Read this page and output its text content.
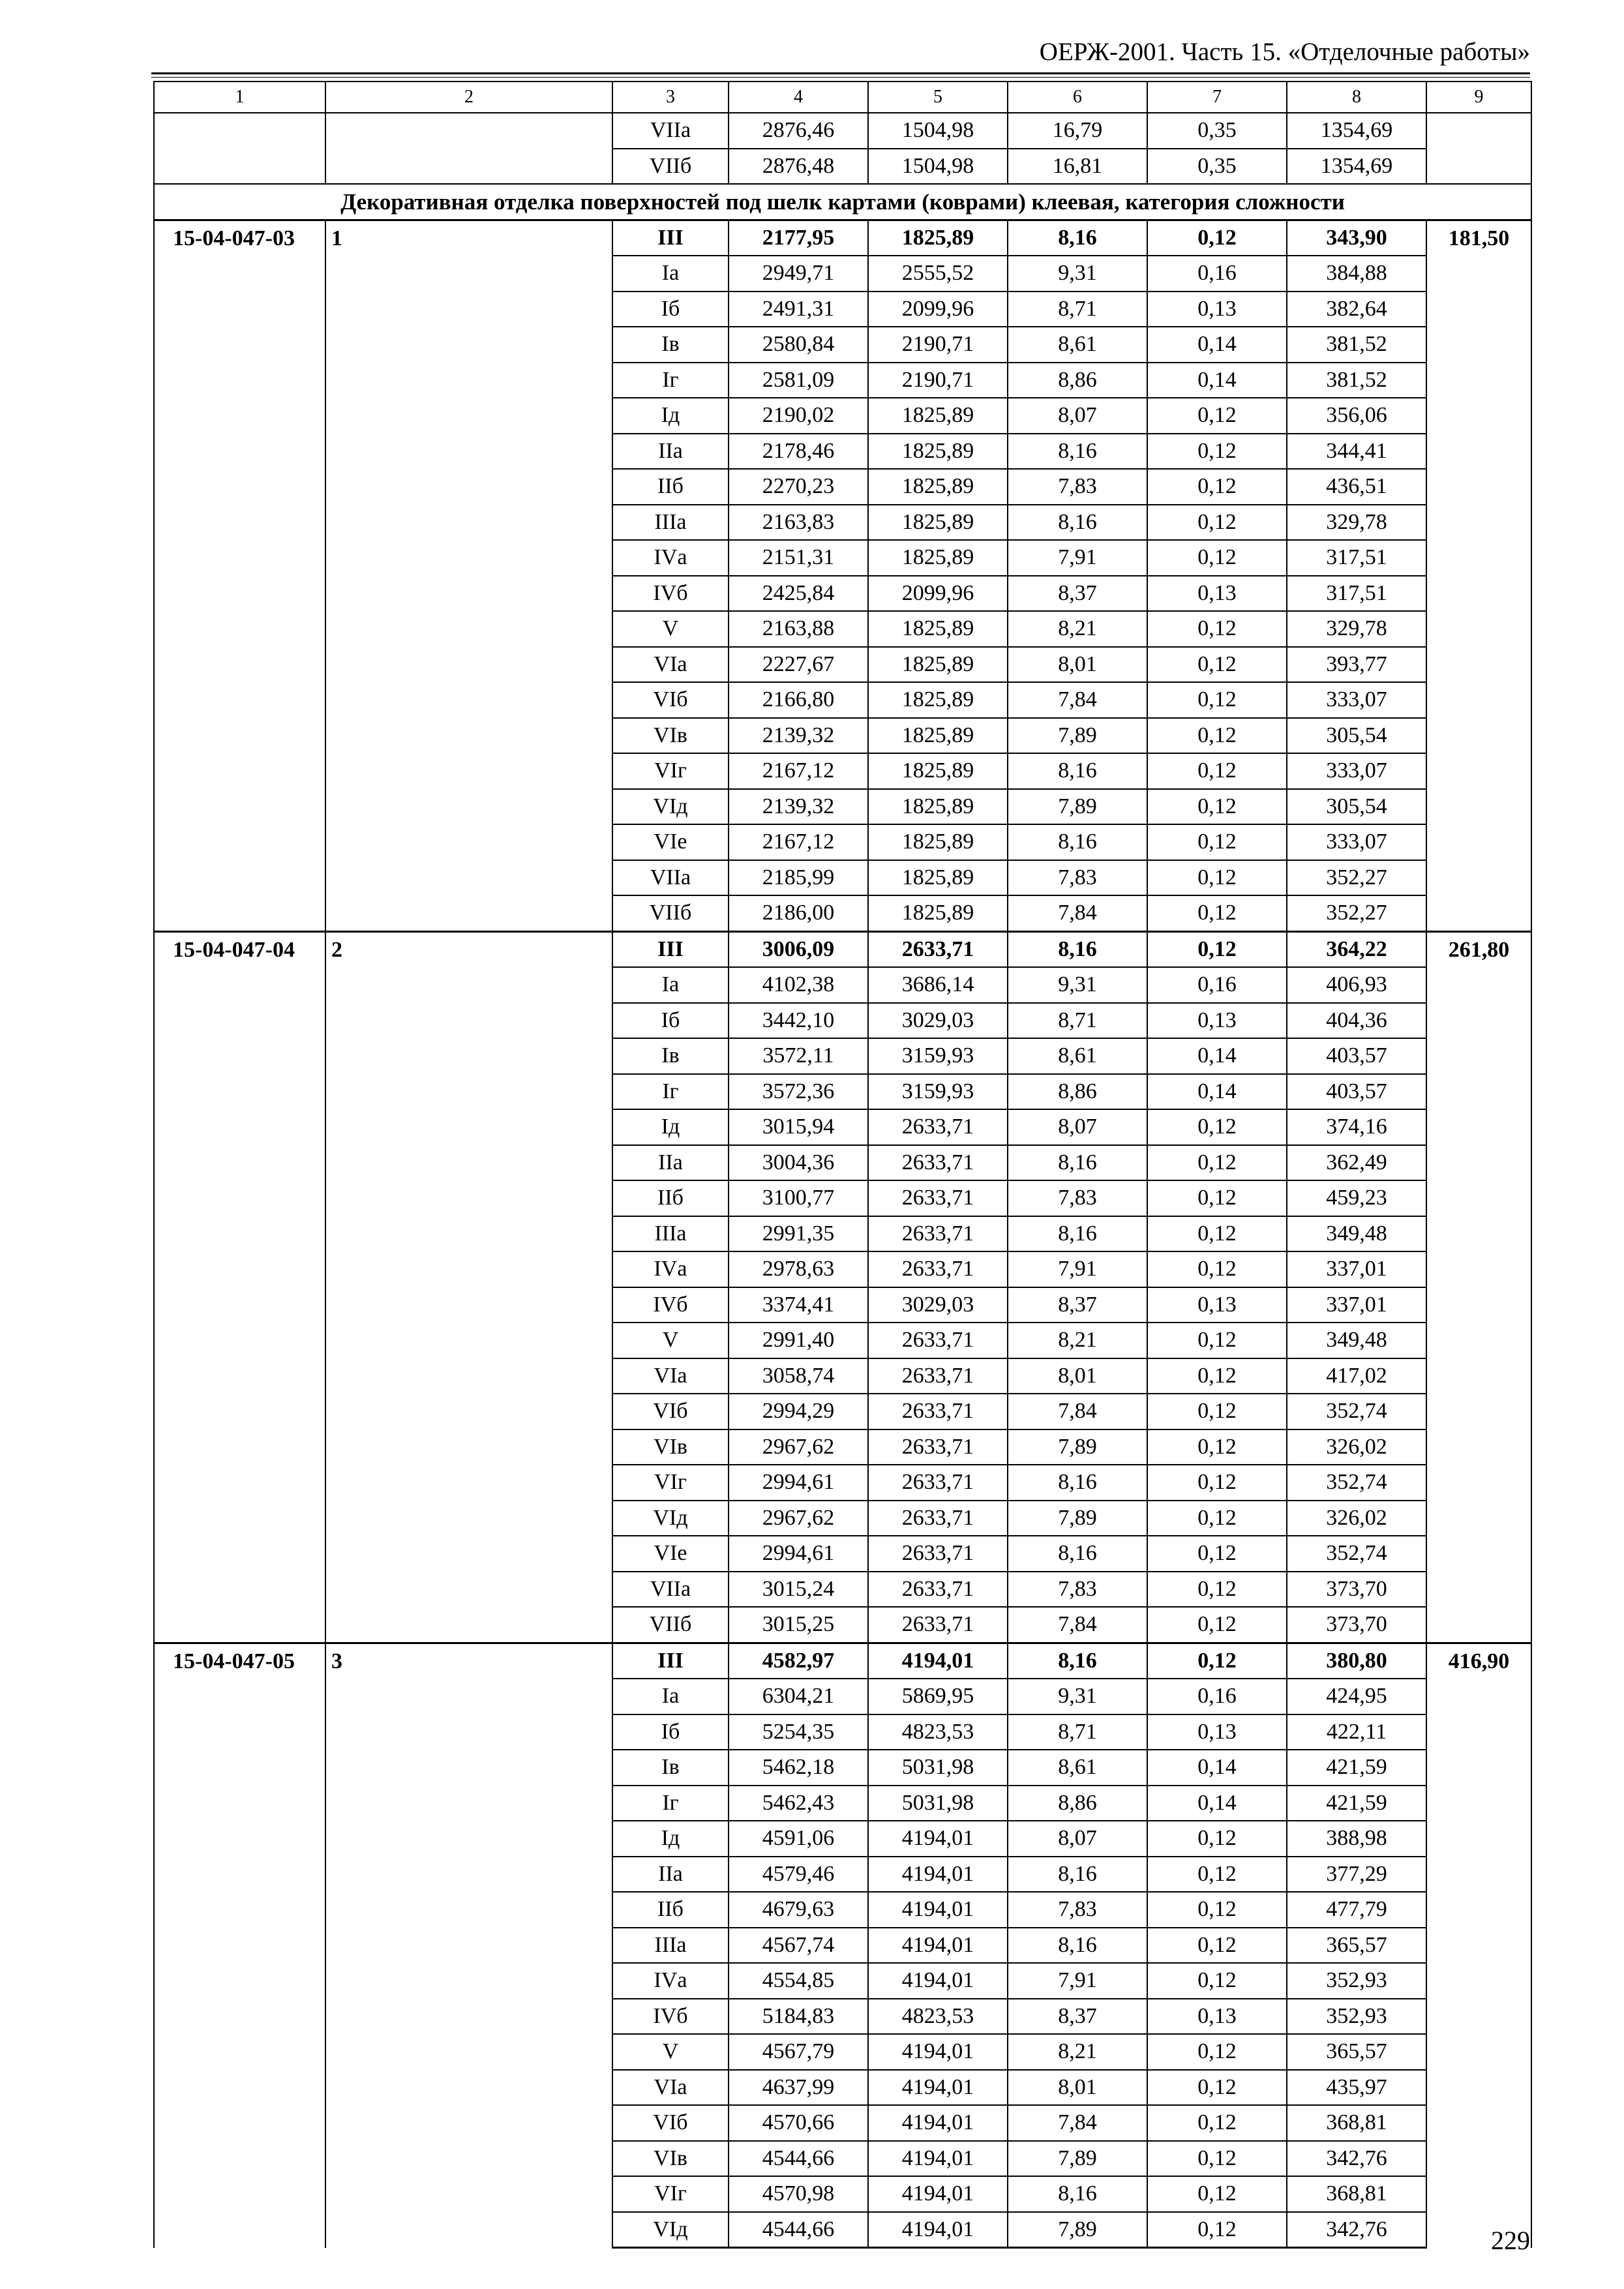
ОЕРЖ-2001. Часть 15. «Отделочные работы»
1	2	3	4	5	6	7	8	9
		VIIа	2876,46	1504,98	16,79	0,35	1354,69	
		VIIб	2876,48	1504,98	16,81	0,35	1354,69	
Декоративная отделка поверхностей под шелк картами (коврами) клеевая, категория сложности								
15-04-047-03	1	III	2177,95	1825,89	8,16	0,12	343,90	181,50
		Iа	2949,71	2555,52	9,31	0,16	384,88	
		Iб	2491,31	2099,96	8,71	0,13	382,64	
		Iв	2580,84	2190,71	8,61	0,14	381,52	
		Iг	2581,09	2190,71	8,86	0,14	381,52	
		Iд	2190,02	1825,89	8,07	0,12	356,06	
		IIа	2178,46	1825,89	8,16	0,12	344,41	
		IIб	2270,23	1825,89	7,83	0,12	436,51	
		IIIа	2163,83	1825,89	8,16	0,12	329,78	
		IVа	2151,31	1825,89	7,91	0,12	317,51	
		IVб	2425,84	2099,96	8,37	0,13	317,51	
		V	2163,88	1825,89	8,21	0,12	329,78	
		VIа	2227,67	1825,89	8,01	0,12	393,77	
		VIб	2166,80	1825,89	7,84	0,12	333,07	
		VIв	2139,32	1825,89	7,89	0,12	305,54	
		VIг	2167,12	1825,89	8,16	0,12	333,07	
		VIд	2139,32	1825,89	7,89	0,12	305,54	
		VIе	2167,12	1825,89	8,16	0,12	333,07	
		VIIа	2185,99	1825,89	7,83	0,12	352,27	
		VIIб	2186,00	1825,89	7,84	0,12	352,27	
15-04-047-04	2	III	3006,09	2633,71	8,16	0,12	364,22	261,80
		Iа	4102,38	3686,14	9,31	0,16	406,93	
		Iб	3442,10	3029,03	8,71	0,13	404,36	
		Iв	3572,11	3159,93	8,61	0,14	403,57	
		Iг	3572,36	3159,93	8,86	0,14	403,57	
		Iд	3015,94	2633,71	8,07	0,12	374,16	
		IIа	3004,36	2633,71	8,16	0,12	362,49	
		IIб	3100,77	2633,71	7,83	0,12	459,23	
		IIIа	2991,35	2633,71	8,16	0,12	349,48	
		IVа	2978,63	2633,71	7,91	0,12	337,01	
		IVб	3374,41	3029,03	8,37	0,13	337,01	
		V	2991,40	2633,71	8,21	0,12	349,48	
		VIа	3058,74	2633,71	8,01	0,12	417,02	
		VIб	2994,29	2633,71	7,84	0,12	352,74	
		VIв	2967,62	2633,71	7,89	0,12	326,02	
		VIг	2994,61	2633,71	8,16	0,12	352,74	
		VIд	2967,62	2633,71	7,89	0,12	326,02	
		VIе	2994,61	2633,71	8,16	0,12	352,74	
		VIIа	3015,24	2633,71	7,83	0,12	373,70	
		VIIб	3015,25	2633,71	7,84	0,12	373,70	
15-04-047-05	3	III	4582,97	4194,01	8,16	0,12	380,80	416,90
		Iа	6304,21	5869,95	9,31	0,16	424,95	
		Iб	5254,35	4823,53	8,71	0,13	422,11	
		Iв	5462,18	5031,98	8,61	0,14	421,59	
		Iг	5462,43	5031,98	8,86	0,14	421,59	
		Iд	4591,06	4194,01	8,07	0,12	388,98	
		IIа	4579,46	4194,01	8,16	0,12	377,29	
		IIб	4679,63	4194,01	7,83	0,12	477,79	
		IIIа	4567,74	4194,01	8,16	0,12	365,57	
		IVа	4554,85	4194,01	7,91	0,12	352,93	
		IVб	5184,83	4823,53	8,37	0,13	352,93	
		V	4567,79	4194,01	8,21	0,12	365,57	
		VIа	4637,99	4194,01	8,01	0,12	435,97	
		VIб	4570,66	4194,01	7,84	0,12	368,81	
		VIв	4544,66	4194,01	7,89	0,12	342,76	
		VIг	4570,98	4194,01	8,16	0,12	368,81	
		VIд	4544,66	4194,01	7,89	0,12	342,76		229
